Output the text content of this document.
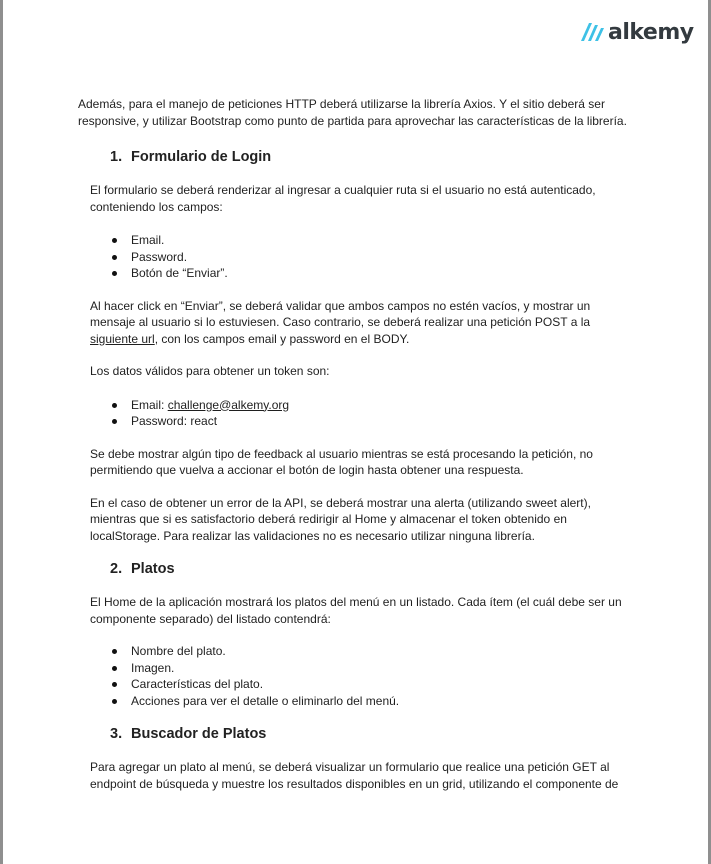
alkemy

Además, para el manejo de peticiones HTTP deberá utilizarse la librería Axios. Y el sitio deberá ser responsive, y utilizar Bootstrap como punto de partida para aprovechar las características de la librería.

1. Formulario de Login

El formulario se deberá renderizar al ingresar a cualquier ruta si el usuario no está autenticado, conteniendo los campos:

Email.
Password.
Botón de “Enviar”.

Al hacer click en “Enviar”, se deberá validar que ambos campos no estén vacíos, y mostrar un mensaje al usuario si lo estuviesen. Caso contrario, se deberá realizar una petición POST a la siguiente url, con los campos email y password en el BODY.

Los datos válidos para obtener un token son:

Email: challenge@alkemy.org
Password: react

Se debe mostrar algún tipo de feedback al usuario mientras se está procesando la petición, no permitiendo que vuelva a accionar el botón de login hasta obtener una respuesta.

En el caso de obtener un error de la API, se deberá mostrar una alerta (utilizando sweet alert), mientras que si es satisfactorio deberá redirigir al Home y almacenar el token obtenido en localStorage. Para realizar las validaciones no es necesario utilizar ninguna librería.

2. Platos

El Home de la aplicación mostrará los platos del menú en un listado. Cada ítem (el cuál debe ser un componente separado) del listado contendrá:

Nombre del plato.
Imagen.
Características del plato.
Acciones para ver el detalle o eliminarlo del menú.
3. Buscador de Platos

Para agregar un plato al menú, se deberá visualizar un formulario que realice una petición GET al endpoint de búsqueda y muestre los resultados disponibles en un grid, utilizando el componente de
